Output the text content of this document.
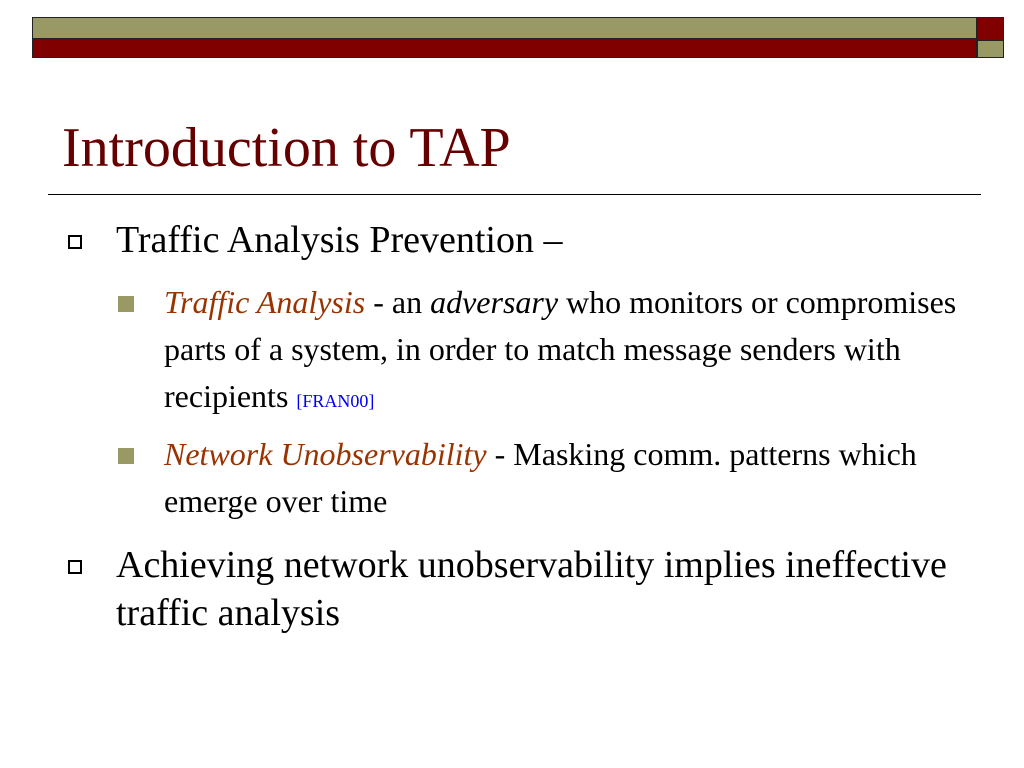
Introduction to TAP
Traffic Analysis Prevention –
Traffic Analysis - an adversary who monitors or compromises parts of a system, in order to match message senders with recipients [FRAN00]
Network Unobservability - Masking comm. patterns which emerge over time
Achieving network unobservability implies ineffective traffic analysis
